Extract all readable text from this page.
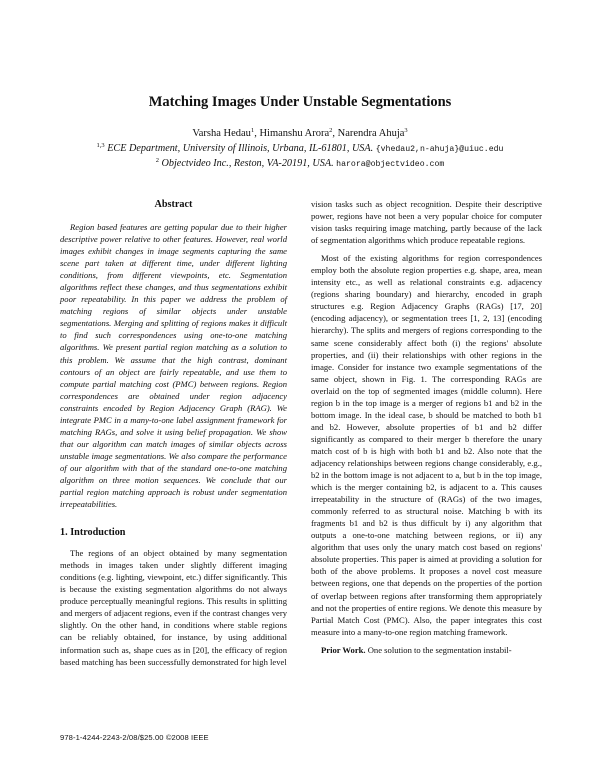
Matching Images Under Unstable Segmentations
Varsha Hedau$^1$, Himanshu Arora$^2$, Narendra Ahuja$^3$
$^{1,3}$ ECE Department, University of Illinois, Urbana, IL-61801, USA. {vhedau2,n-ahuja}@uiuc.edu
$^2$ Objectvideo Inc., Reston, VA-20191, USA. harora@objectvideo.com
Abstract

Region based features are getting popular due to their higher descriptive power relative to other features. However, real world images exhibit changes in image segments capturing the same scene part taken at different time, under different lighting conditions, from different viewpoints, etc. Segmentation algorithms reflect these changes, and thus segmentations exhibit poor repeatability. In this paper we address the problem of matching regions of similar objects under unstable segmentations. Merging and splitting of regions makes it difficult to find such correspondences using one-to-one matching algorithms. We present partial region matching as a solution to this problem. We assume that the high contrast, dominant contours of an object are fairly repeatable, and use them to compute partial matching cost (PMC) between regions. Region correspondences are obtained under region adjacency constraints encoded by Region Adjacency Graph (RAG). We integrate PMC in a many-to-one label assignment framework for matching RAGs, and solve it using belief propagation. We show that our algorithm can match images of similar objects across unstable image segmentations. We also compare the performance of our algorithm with that of the standard one-to-one matching algorithm on three motion sequences. We conclude that our partial region matching approach is robust under segmentation irrepeatabilities.

1. Introduction

The regions of an object obtained by many segmentation methods in images taken under slightly different imaging conditions (e.g. lighting, viewpoint, etc.) differ significantly. This is because the existing segmentation algorithms do not always produce perceptually meaningful regions. This results in splitting and mergers of adjacent regions, even if the contrast changes very slightly. On the other hand, in conditions where stable regions can be reliably obtained, for instance, by using additional information such as, shape cues as in [20], the efficacy of region based matching has been successfully demonstrated for high level

vision tasks such as object recognition. Despite their descriptive power, regions have not been a very popular choice for computer vision tasks requiring image matching, partly because of the lack of segmentation algorithms which produce repeatable regions.

Most of the existing algorithms for region correspondences employ both the absolute region properties e.g. shape, area, mean intensity etc., as well as relational constraints e.g. adjacency (regions sharing boundary) and hierarchy, encoded in graph structures e.g. Region Adjacency Graphs (RAGs) [17, 20] (encoding adjacency), or segmentation trees [1, 2, 13] (encoding hierarchy). The splits and mergers of regions corresponding to the same scene considerably affect both (i) the regions' absolute properties, and (ii) their relationships with other regions in the image. Consider for instance two example segmentations of the same object, shown in Fig. 1. The corresponding RAGs are overlaid on the top of segmented images (middle column). Here region b in the top image is a merger of regions b1 and b2 in the bottom image. In the ideal case, b should be matched to both b1 and b2. However, absolute properties of b1 and b2 differ significantly as compared to their merger b therefore the unary match cost of b is high with both b1 and b2. Also note that the adjacency relationships between regions change considerably, e.g., b2 in the bottom image is not adjacent to a, but b in the top image, which is the merger containing b2, is adjacent to a. This causes irrepeatability in the structure of (RAGs) of the two images, commonly referred to as structural noise. Matching b with its fragments b1 and b2 is thus difficult by i) any algorithm that outputs a one-to-one matching between regions, or ii) any algorithm that uses only the unary match cost based on regions' absolute properties. This paper is aimed at providing a solution for both of the above problems. It proposes a novel cost measure between regions, one that depends on the properties of the portion of overlap between regions after transforming them appropriately and not the properties of entire regions. We denote this measure by Partial Match Cost (PMC). Also, the paper integrates this cost measure into a many-to-one region matching framework.

Prior Work. One solution to the segmentation instabil-

978-1-4244-2243-2/08/$25.00 ©2008 IEEE
